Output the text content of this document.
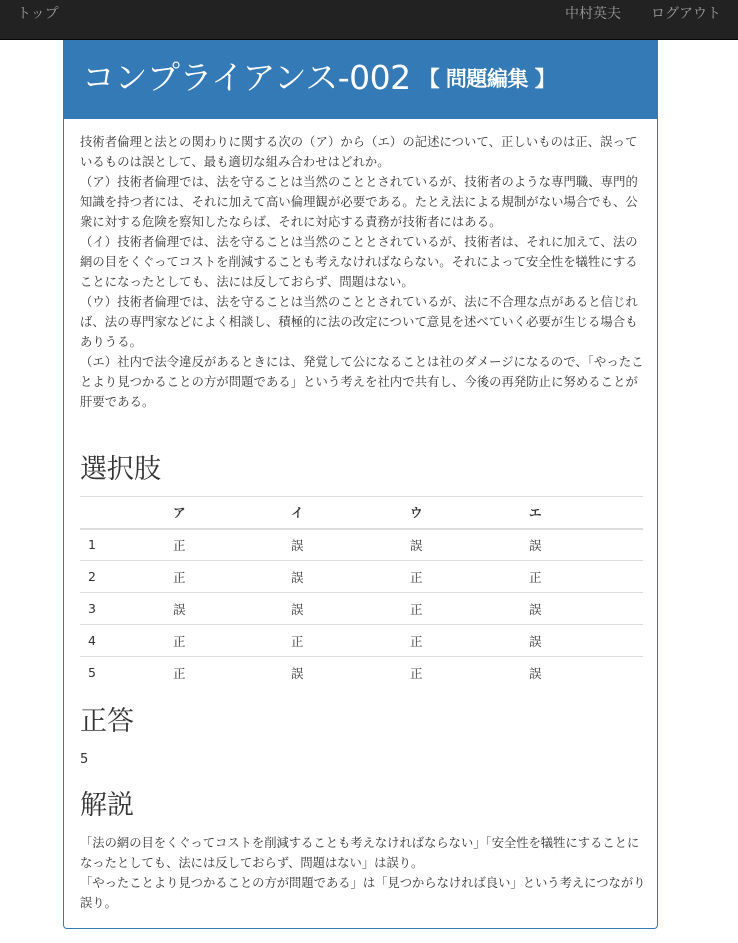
トップ	中村英夫 ログアウト
コンプライアンス-002 【 問題編集 】

技術者倫理と法との関わりに関する次の（ア）から（エ）の記述について、正しいものは正、誤っているものは誤として、最も適切な組み合わせはどれか。

（ア）技術者倫理では、法を守ることは当然のこととされているが、技術者のような専門職、専門的知識を持つ者には、それに加えて高い倫理観が必要である。たとえ法による規制がない場合でも、公衆に対する危険を察知したならば、それに対応する責務が技術者にはある。

（イ）技術者倫理では、法を守ることは当然のこととされているが、技術者は、それに加えて、法の網の目をくぐってコストを削減することも考えなければならない。それによって安全性を犠牲にすることになったとしても、法には反しておらず、問題はない。

（ウ）技術者倫理では、法を守ることは当然のこととされているが、法に不合理な点があると信じれば、法の専門家などによく相談し、積極的に法の改定について意見を述べていく必要が生じる場合もありうる。

（エ）社内で法令違反があるときには、発覚して公になることは社のダメージになるので、「やったことより見つかることの方が問題である」という考えを社内で共有し、今後の再発防止に努めることが肝要である。

選択肢
	ア	イ	ウ	エ
1	正	誤	誤	誤
2	正	誤	正	正
3	誤	誤	正	誤
4	正	正	正	誤
5	正	誤	正	誤
正答
5
解説

「法の網の目をくぐってコストを削減することも考えなければならない」「安全性を犠牲にすることになったとしても、法には反しておらず、問題はない」は誤り。

「やったことより見つかることの方が問題である」は「見つからなければ良い」という考えにつながり誤り。
